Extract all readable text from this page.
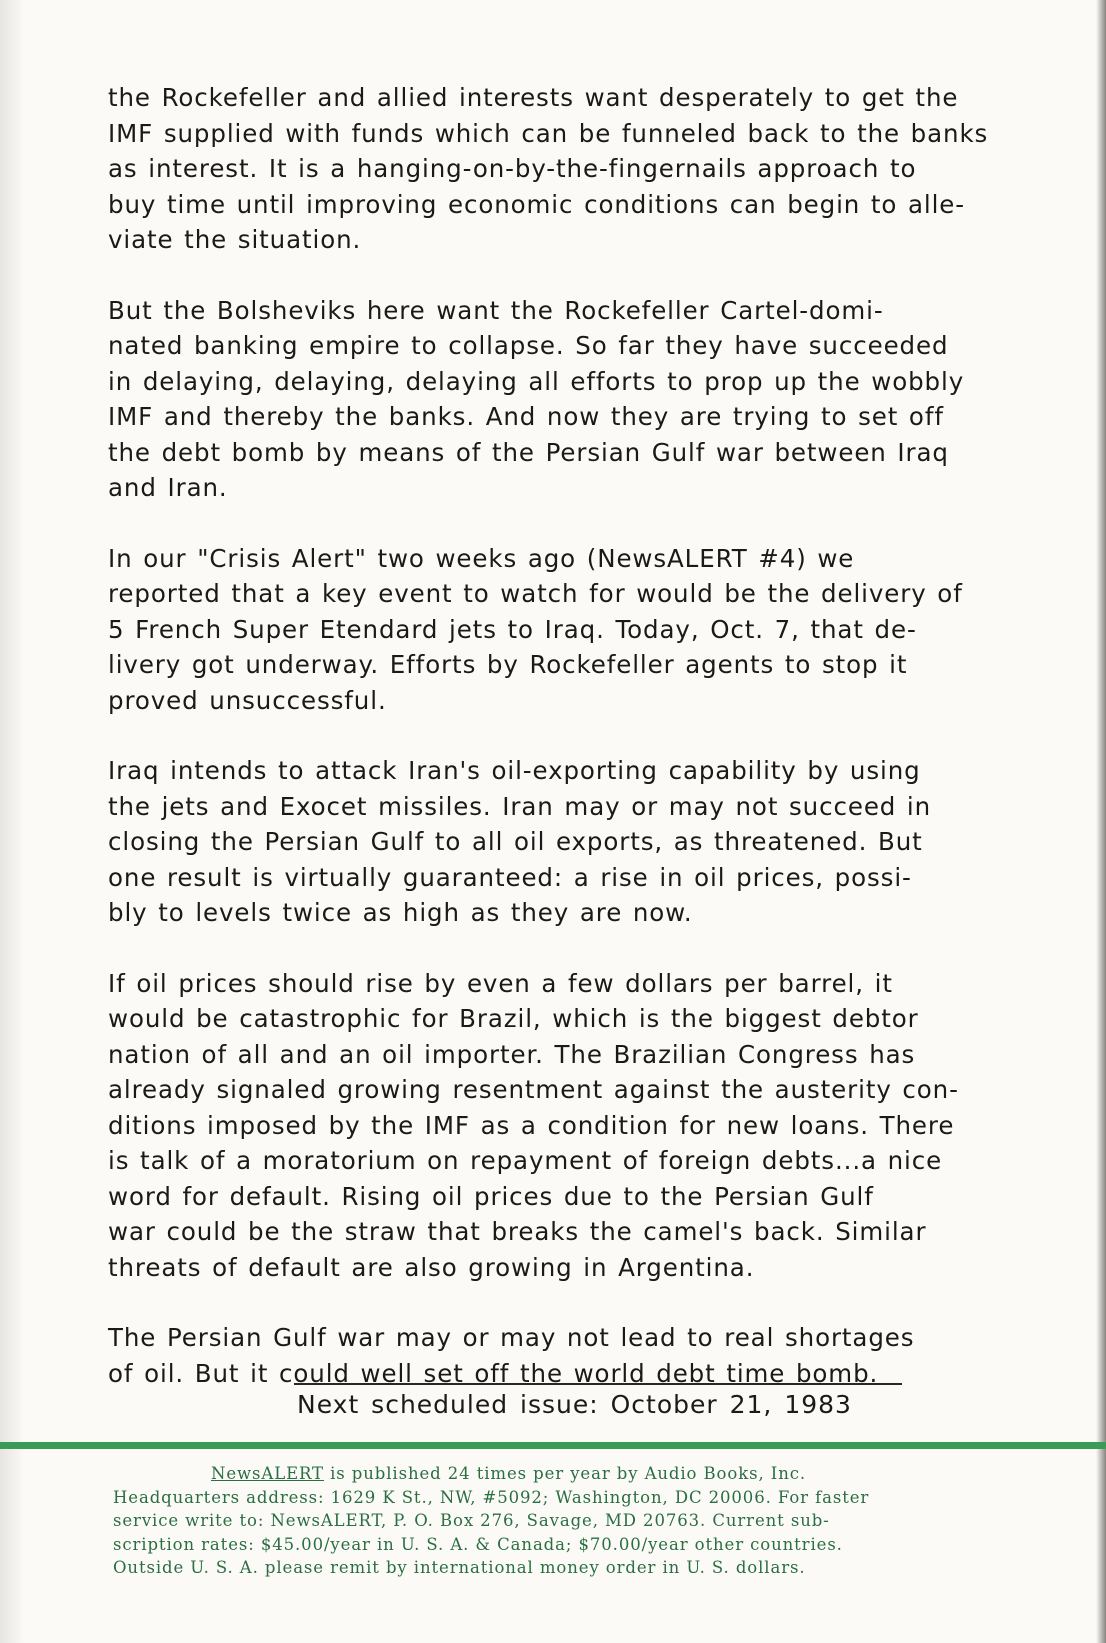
the Rockefeller and allied interests want desperately to get the
IMF supplied with funds which can be funneled back to the banks
as interest. It is a hanging-on-by-the-fingernails approach to
buy time until improving economic conditions can begin to alle-
viate the situation.

But the Bolsheviks here want the Rockefeller Cartel-domi-
nated banking empire to collapse. So far they have succeeded
in delaying, delaying, delaying all efforts to prop up the wobbly
IMF and thereby the banks. And now they are trying to set off
the debt bomb by means of the Persian Gulf war between Iraq
and Iran.

In our "Crisis Alert" two weeks ago (NewsALERT #4) we
reported that a key event to watch for would be the delivery of
5 French Super Etendard jets to Iraq. Today, Oct. 7, that de-
livery got underway. Efforts by Rockefeller agents to stop it
proved unsuccessful.

Iraq intends to attack Iran's oil-exporting capability by using
the jets and Exocet missiles. Iran may or may not succeed in
closing the Persian Gulf to all oil exports, as threatened. But
one result is virtually guaranteed: a rise in oil prices, possi-
bly to levels twice as high as they are now.

If oil prices should rise by even a few dollars per barrel, it
would be catastrophic for Brazil, which is the biggest debtor
nation of all and an oil importer. The Brazilian Congress has
already signaled growing resentment against the austerity con-
ditions imposed by the IMF as a condition for new loans. There
is talk of a moratorium on repayment of foreign debts...a nice
word for default. Rising oil prices due to the Persian Gulf
war could be the straw that breaks the camel's back. Similar
threats of default are also growing in Argentina.

The Persian Gulf war may or may not lead to real shortages
of oil. But it could well set off the world debt time bomb.

Next scheduled issue: October 21, 1983
NewsALERT is published 24 times per year by Audio Books, Inc.
Headquarters address: 1629 K St., NW, #5092; Washington, DC 20006. For faster
service write to: NewsALERT, P. O. Box 276, Savage, MD 20763. Current sub-
scription rates: $45.00/year in U. S. A. & Canada; $70.00/year other countries.
Outside U. S. A. please remit by international money order in U. S. dollars.
